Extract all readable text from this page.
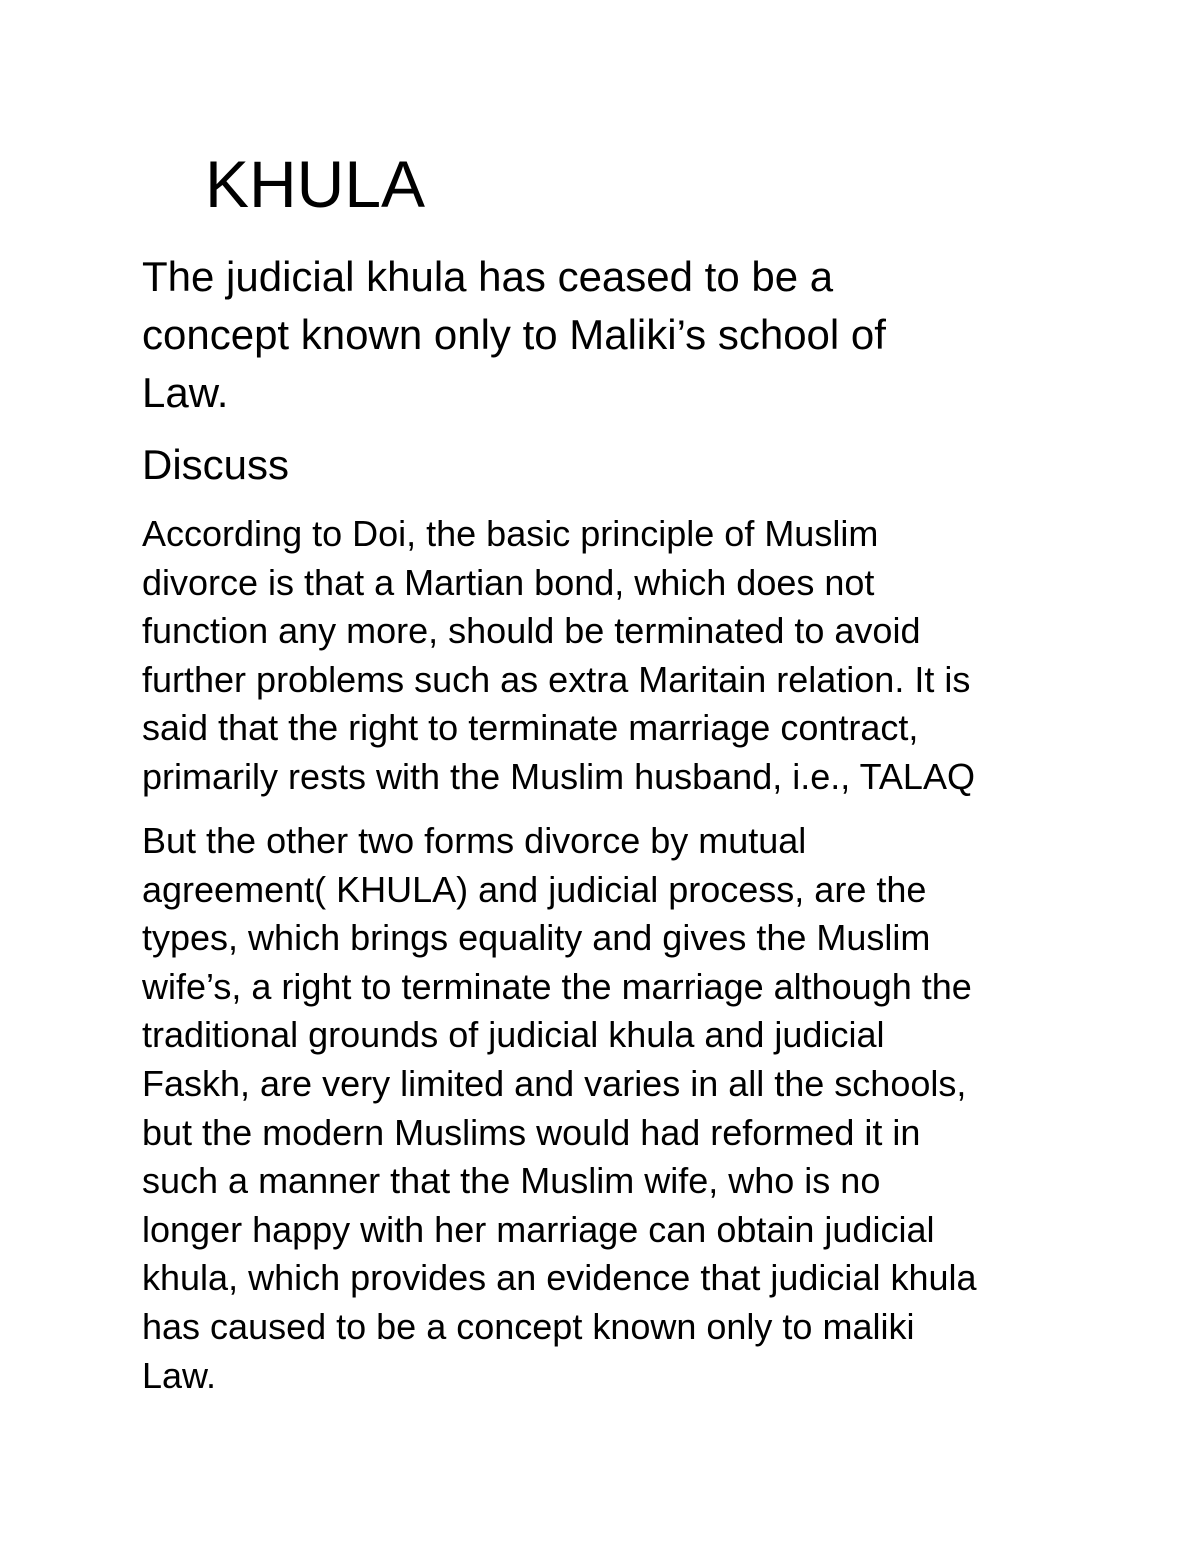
KHULA

The judicial khula has ceased to be a
concept known only to Maliki’s school of
Law.

Discuss

According to Doi, the basic principle of Muslim
divorce is that a Martian bond, which does not
function any more, should be terminated to avoid
further problems such as extra Maritain relation. It is
said that the right to terminate marriage contract,
primarily rests with the Muslim husband, i.e., TALAQ

But the other two forms divorce by mutual
agreement( KHULA) and judicial process, are the
types, which brings equality and gives the Muslim
wife’s, a right to terminate the marriage although the
traditional grounds of judicial khula and judicial
Faskh, are very limited and varies in all the schools,
but the modern Muslims would had reformed it in
such a manner that the Muslim wife, who is no
longer happy with her marriage can obtain judicial
khula, which provides an evidence that judicial khula
has caused to be a concept known only to maliki
Law.
